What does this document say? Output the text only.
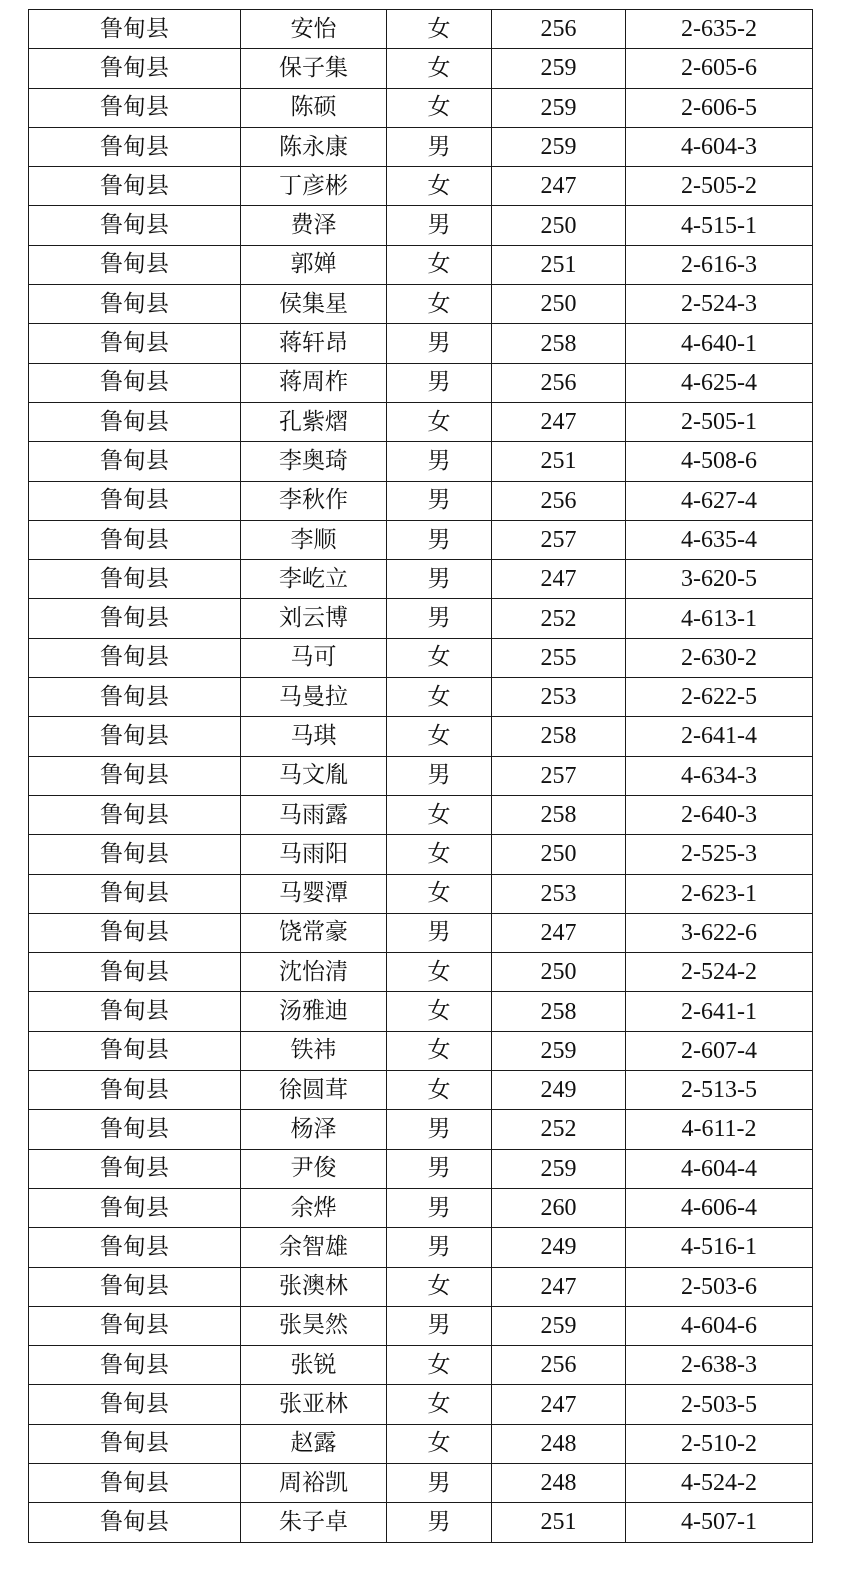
鲁甸县	安怡	女	256	2-635-2
鲁甸县	保子集	女	259	2-605-6
鲁甸县	陈硕	女	259	2-606-5
鲁甸县	陈永康	男	259	4-604-3
鲁甸县	丁彦彬	女	247	2-505-2
鲁甸县	费泽	男	250	4-515-1
鲁甸县	郭婵	女	251	2-616-3
鲁甸县	侯集星	女	250	2-524-3
鲁甸县	蒋轩昂	男	258	4-640-1
鲁甸县	蒋周柞	男	256	4-625-4
鲁甸县	孔紫熠	女	247	2-505-1
鲁甸县	李奥琦	男	251	4-508-6
鲁甸县	李秋作	男	256	4-627-4
鲁甸县	李顺	男	257	4-635-4
鲁甸县	李屹立	男	247	3-620-5
鲁甸县	刘云博	男	252	4-613-1
鲁甸县	马可	女	255	2-630-2
鲁甸县	马曼拉	女	253	2-622-5
鲁甸县	马琪	女	258	2-641-4
鲁甸县	马文胤	男	257	4-634-3
鲁甸县	马雨露	女	258	2-640-3
鲁甸县	马雨阳	女	250	2-525-3
鲁甸县	马婴潭	女	253	2-623-1
鲁甸县	饶常豪	男	247	3-622-6
鲁甸县	沈怡清	女	250	2-524-2
鲁甸县	汤雅迪	女	258	2-641-1
鲁甸县	铁祎	女	259	2-607-4
鲁甸县	徐圆茸	女	249	2-513-5
鲁甸县	杨泽	男	252	4-611-2
鲁甸县	尹俊	男	259	4-604-4
鲁甸县	余烨	男	260	4-606-4
鲁甸县	余智雄	男	249	4-516-1
鲁甸县	张澳林	女	247	2-503-6
鲁甸县	张昊然	男	259	4-604-6
鲁甸县	张锐	女	256	2-638-3
鲁甸县	张亚林	女	247	2-503-5
鲁甸县	赵露	女	248	2-510-2
鲁甸县	周裕凯	男	248	4-524-2
鲁甸县	朱子卓	男	251	4-507-1
